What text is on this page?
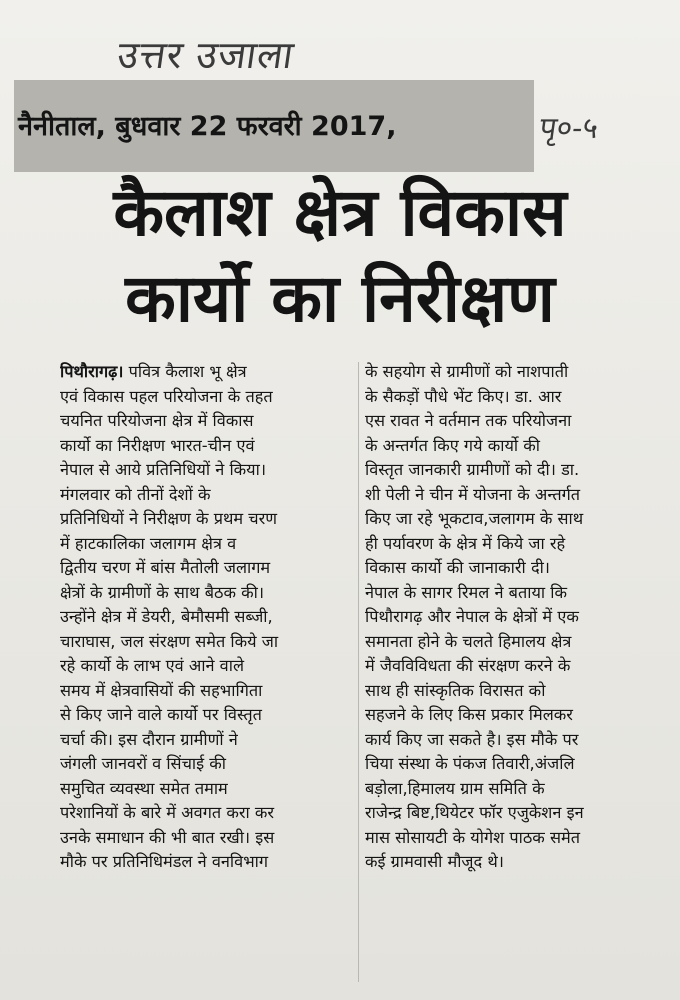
उत्तर उजाला
नैनीताल, बुधवार 22 फरवरी 2017,	पृ०-५
कैलाश क्षेत्र विकास
कार्यो का निरीक्षण
पिथौरागढ़। पवित्र कैलाश भू क्षेत्र
एवं विकास पहल परियोजना के तहत
चयनित परियोजना क्षेत्र में विकास
कार्यो का निरीक्षण भारत-चीन एवं
नेपाल से आये प्रतिनिधियों ने किया।
मंगलवार को तीनों देशों के
प्रतिनिधियों ने निरीक्षण के प्रथम चरण
में हाटकालिका जलागम क्षेत्र व
द्वितीय चरण में बांस मैतोली जलागम
क्षेत्रों के ग्रामीणों के साथ बैठक की।
उन्होंने क्षेत्र में डेयरी, बेमौसमी सब्जी,
चाराघास, जल संरक्षण समेत किये जा
रहे कार्यो के लाभ एवं आने वाले
समय में क्षेत्रवासियों की सहभागिता
से किए जाने वाले कार्यो पर विस्तृत
चर्चा की। इस दौरान ग्रामीणों ने
जंगली जानवरों व सिंचाई की
समुचित व्यवस्था समेत तमाम
परेशानियों के बारे में अवगत करा कर
उनके समाधान की भी बात रखी। इस
मौके पर प्रतिनिधिमंडल ने वनविभाग
के सहयोग से ग्रामीणों को नाशपाती
के सैकड़ों पौधे भेंट किए। डा. आर
एस रावत ने वर्तमान तक परियोजना
के अन्तर्गत किए गये कार्यो की
विस्तृत जानकारी ग्रामीणों को दी। डा.
शी पेली ने चीन में योजना के अन्तर्गत
किए जा रहे भूकटाव,जलागम के साथ
ही पर्यावरण के क्षेत्र में किये जा रहे
विकास कार्यो की जानाकारी दी।
नेपाल के सागर रिमल ने बताया कि
पिथौरागढ़ और नेपाल के क्षेत्रों में एक
समानता होने के चलते हिमालय क्षेत्र
में जैवविविधता की संरक्षण करने के
साथ ही सांस्कृतिक विरासत को
सहजने के लिए किस प्रकार मिलकर
कार्य किए जा सकते है। इस मौके पर
चिया संस्था के पंकज तिवारी,अंजलि
बड़ोला,हिमालय ग्राम समिति के
राजेन्द्र बिष्ट,थियेटर फॉर एजुकेशन इन
मास सोसायटी के योगेश पाठक समेत
कई ग्रामवासी मौजूद थे।
